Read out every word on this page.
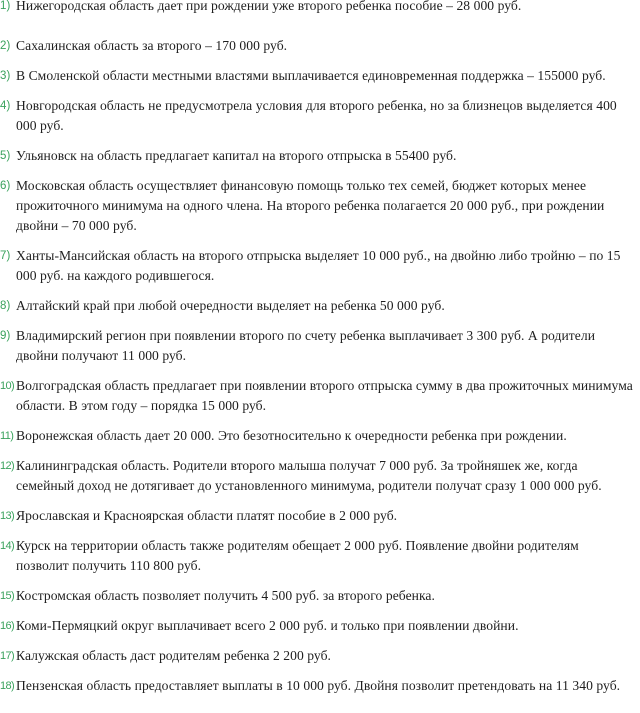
1) Нижегородская область дает при рождении уже второго ребенка пособие – 28 000 руб.
2) Сахалинская область за второго – 170 000 руб.
3) В Смоленской области местными властями выплачивается единовременная поддержка – 155000 руб.
4) Новгородская область не предусмотрела условия для второго ребенка, но за близнецов выделяется 400 000 руб.
5) Ульяновск на область предлагает капитал на второго отпрыска в 55400 руб.
6) Московская область осуществляет финансовую помощь только тех семей, бюджет которых менее прожиточного минимума на одного члена. На второго ребенка полагается 20 000 руб., при рождении двойни – 70 000 руб.
7) Ханты-Мансийская область на второго отпрыска выделяет 10 000 руб., на двойню либо тройню – по 15 000 руб. на каждого родившегося.
8) Алтайский край при любой очередности выделяет на ребенка 50 000 руб.
9) Владимирский регион при появлении второго по счету ребенка выплачивает 3 300 руб. А родители двойни получают 11 000 руб.
10) Волгоградская область предлагает при появлении второго отпрыска сумму в два прожиточных минимума области. В этом году – порядка 15 000 руб.
11) Воронежская область дает 20 000. Это безотносительно к очередности ребенка при рождении.
12) Калининградская область. Родители второго малыша получат 7 000 руб. За тройняшек же, когда семейный доход не дотягивает до установленного минимума, родители получат сразу 1 000 000 руб.
13) Ярославская и Красноярская области платят пособие в 2 000 руб.
14) Курск на территории область также родителям обещает 2 000 руб. Появление двойни родителям позволит получить 110 800 руб.
15) Костромская область позволяет получить 4 500 руб. за второго ребенка.
16) Коми-Пермяцкий округ выплачивает всего 2 000 руб. и только при появлении двойни.
17) Калужская область даст родителям ребенка 2 200 руб.
18) Пензенская область предоставляет выплаты в 10 000 руб. Двойня позволит претендовать на 11 340 руб.
